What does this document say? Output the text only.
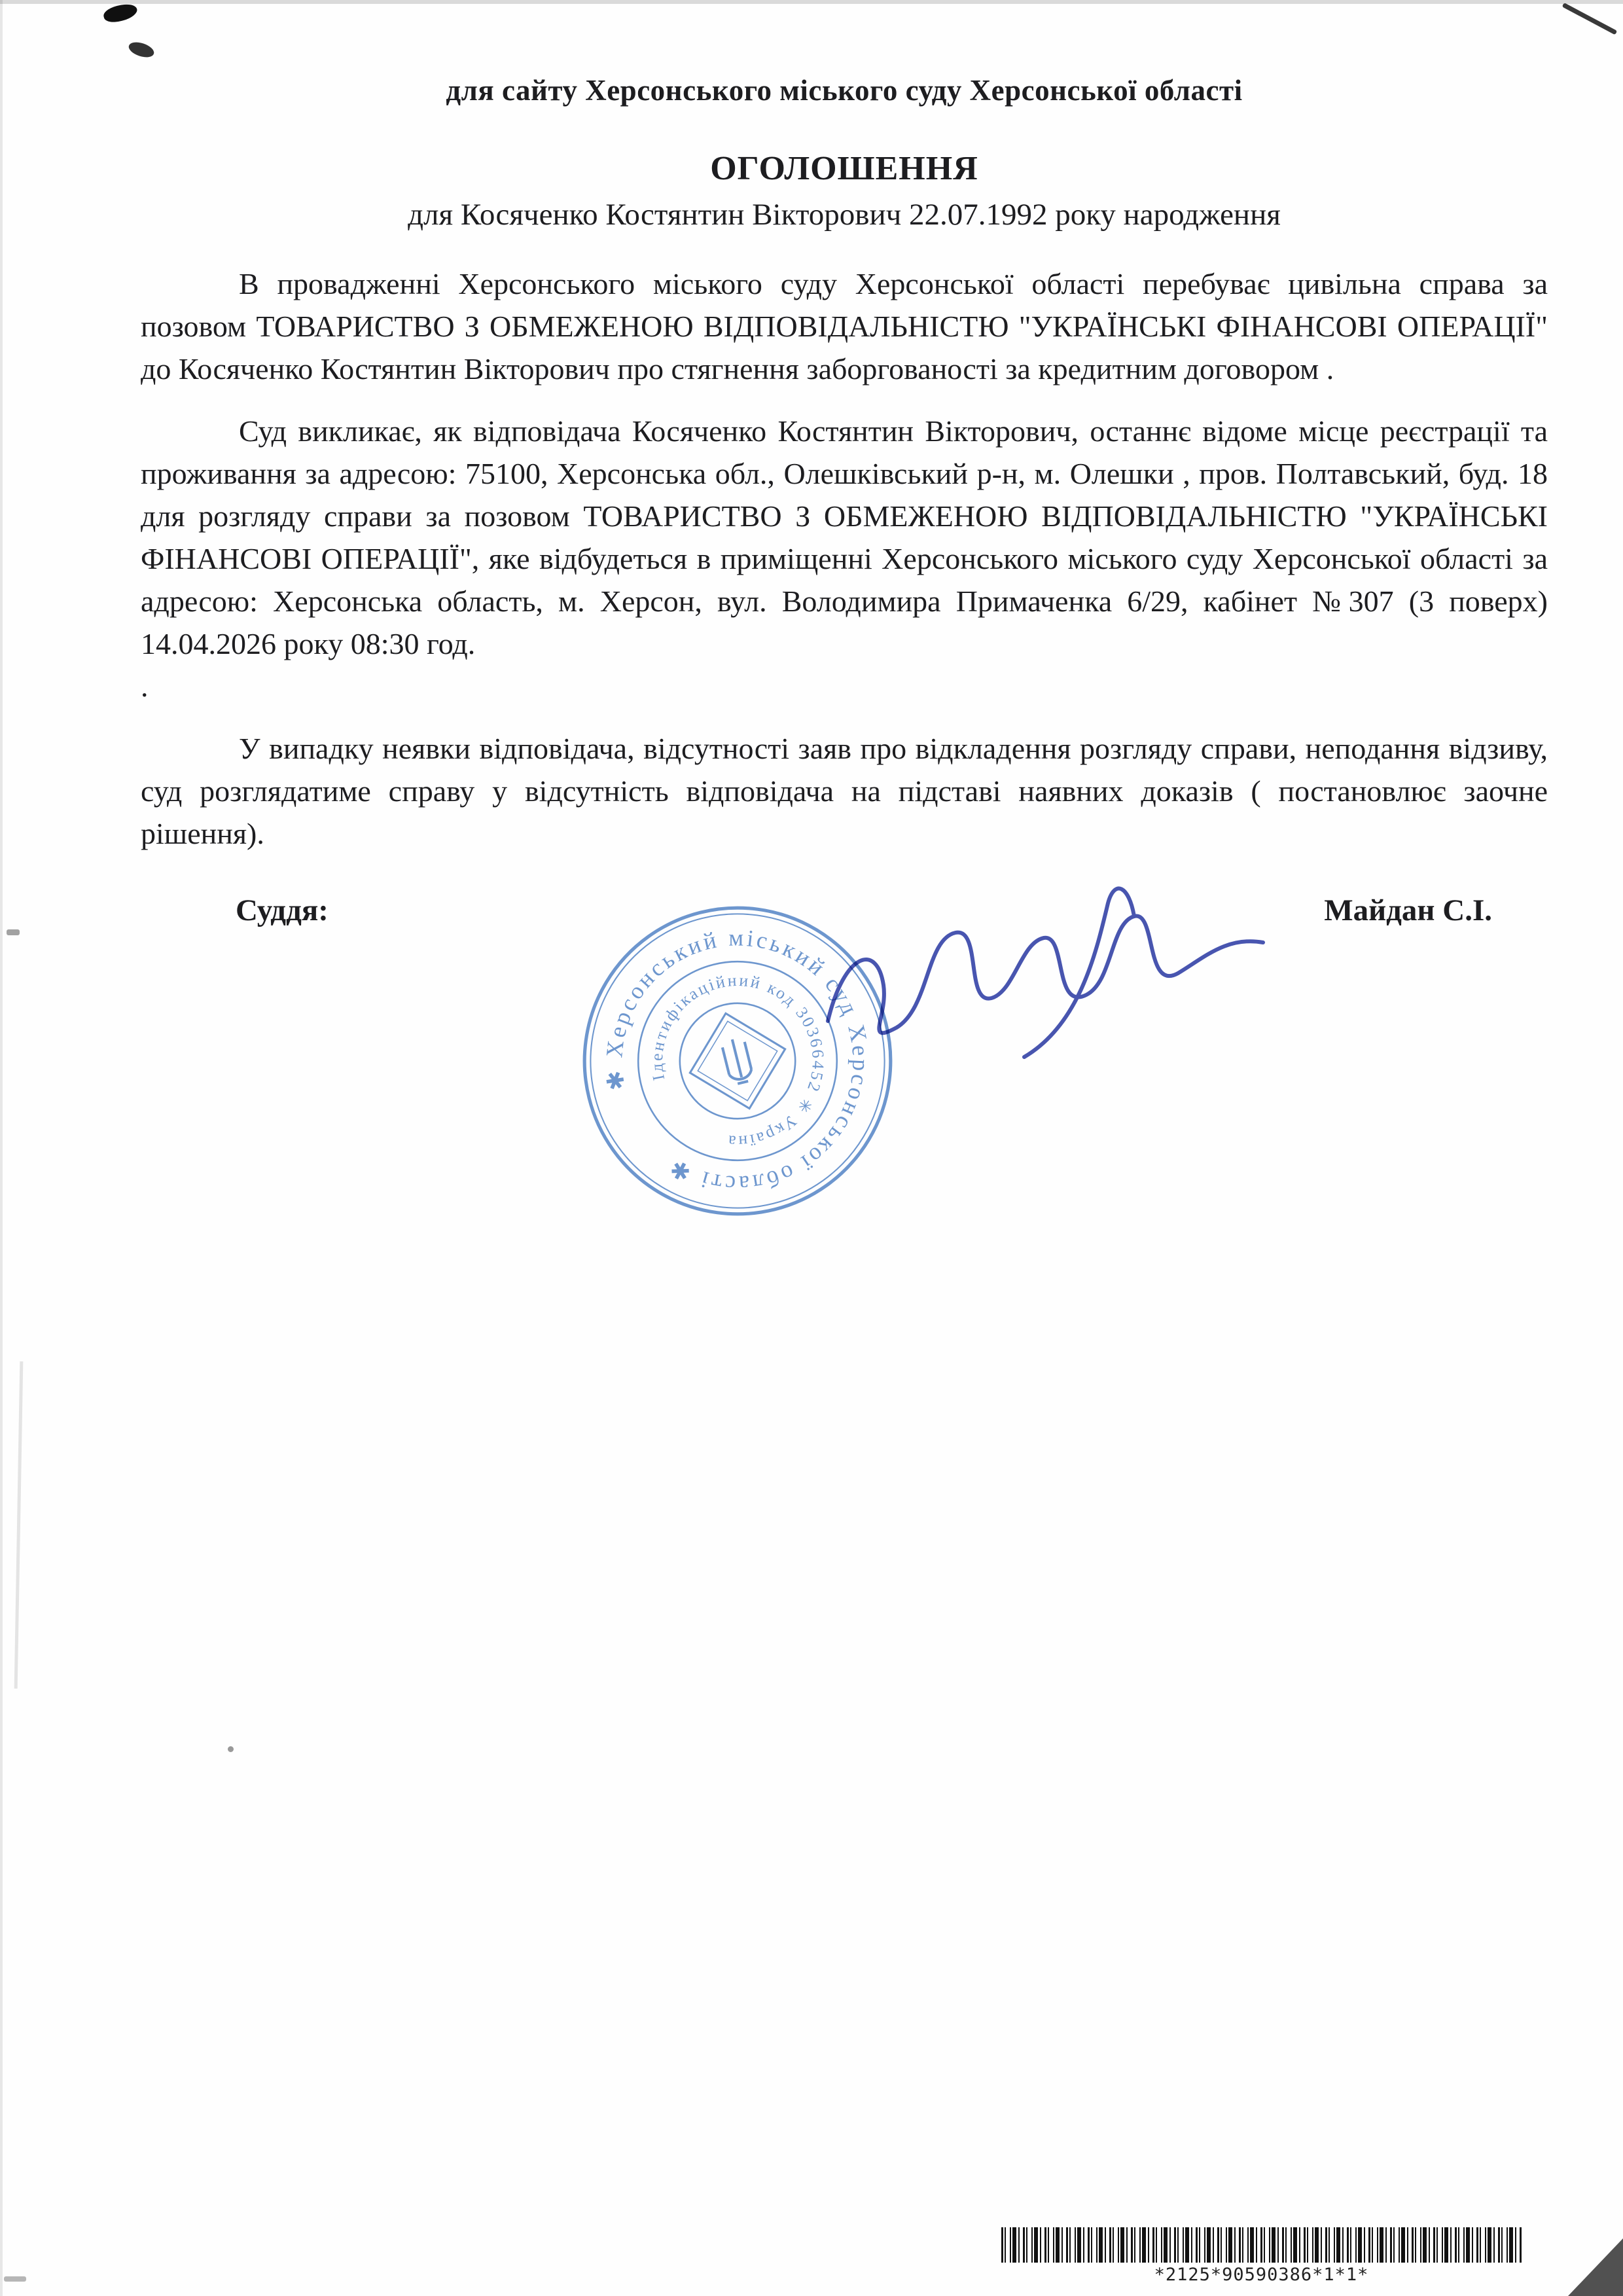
для сайту Херсонського міського суду Херсонської області
ОГОЛОШЕННЯ
для Косяченко Костянтин Вікторович 22.07.1992 року народження

В провадженні Херсонського міського суду Херсонської області перебуває цивільна справа за позовом ТОВАРИСТВО З ОБМЕЖЕНОЮ ВІДПОВІДАЛЬНІСТЮ "УКРАЇНСЬКІ ФІНАНСОВІ ОПЕРАЦІЇ" до Косяченко Костянтин Вікторович про стягнення заборгованості за кредитним договором .

Суд викликає, як відповідача Косяченко Костянтин Вікторович, останнє відоме місце реєстрації та проживання за адресою: 75100, Херсонська обл., Олешківський р-н, м. Олешки , пров. Полтавський, буд. 18 для розгляду справи за позовом ТОВАРИСТВО З ОБМЕЖЕНОЮ ВІДПОВІДАЛЬНІСТЮ "УКРАЇНСЬКІ ФІНАНСОВІ ОПЕРАЦІЇ", яке відбудеться в приміщенні Херсонського міського суду Херсонської області за адресою: Херсонська область, м. Херсон, вул. Володимира Примаченка 6/29, кабінет №307 (3 поверх) 14.04.2026 року 08:30 год.

.

У випадку неявки відповідача, відсутності заяв про відкладення розгляду справи, неподання відзиву, суд розглядатиме справу у відсутність відповідача на підставі наявних доказів ( постановлює заочне рішення).

Суддя:	Майдан С.І.
✱ Херсонський міський суд Херсонської області ✱
Ідентифікаційний код 30366452 ✳ Україна
*2125*90590386*1*1*
